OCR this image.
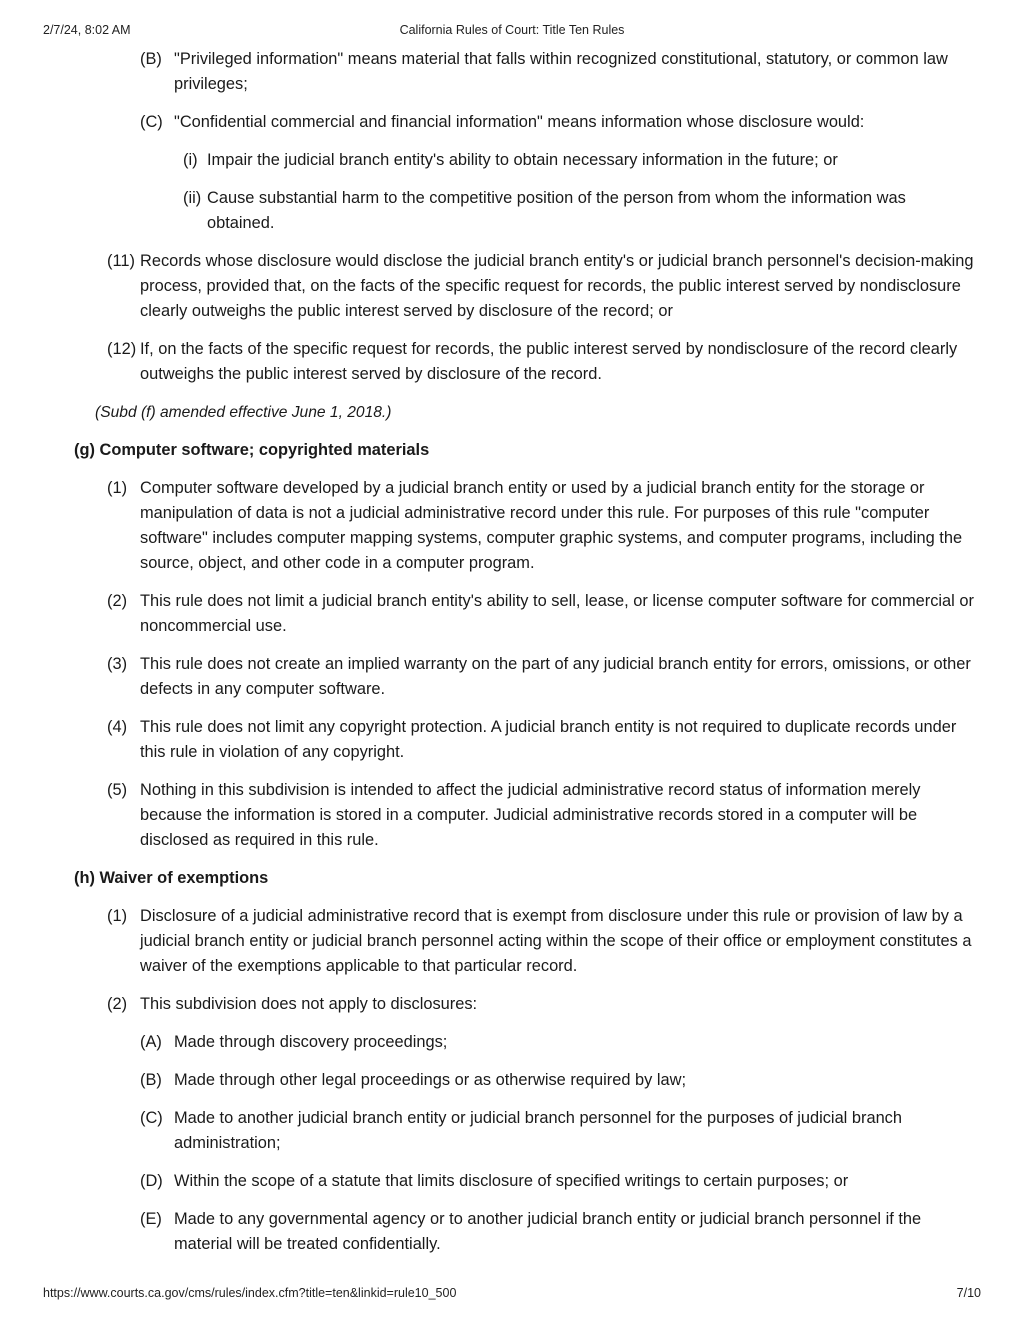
2/7/24, 8:02 AM	California Rules of Court: Title Ten Rules
(B) "Privileged information" means material that falls within recognized constitutional, statutory, or common law privileges;
(C) "Confidential commercial and financial information" means information whose disclosure would:
(i) Impair the judicial branch entity's ability to obtain necessary information in the future; or
(ii) Cause substantial harm to the competitive position of the person from whom the information was obtained.
(11) Records whose disclosure would disclose the judicial branch entity's or judicial branch personnel's decision-making process, provided that, on the facts of the specific request for records, the public interest served by nondisclosure clearly outweighs the public interest served by disclosure of the record; or
(12) If, on the facts of the specific request for records, the public interest served by nondisclosure of the record clearly outweighs the public interest served by disclosure of the record.
(Subd (f) amended effective June 1, 2018.)
(g) Computer software; copyrighted materials
(1) Computer software developed by a judicial branch entity or used by a judicial branch entity for the storage or manipulation of data is not a judicial administrative record under this rule. For purposes of this rule "computer software" includes computer mapping systems, computer graphic systems, and computer programs, including the source, object, and other code in a computer program.
(2) This rule does not limit a judicial branch entity's ability to sell, lease, or license computer software for commercial or noncommercial use.
(3) This rule does not create an implied warranty on the part of any judicial branch entity for errors, omissions, or other defects in any computer software.
(4) This rule does not limit any copyright protection. A judicial branch entity is not required to duplicate records under this rule in violation of any copyright.
(5) Nothing in this subdivision is intended to affect the judicial administrative record status of information merely because the information is stored in a computer. Judicial administrative records stored in a computer will be disclosed as required in this rule.
(h) Waiver of exemptions
(1) Disclosure of a judicial administrative record that is exempt from disclosure under this rule or provision of law by a judicial branch entity or judicial branch personnel acting within the scope of their office or employment constitutes a waiver of the exemptions applicable to that particular record.
(2) This subdivision does not apply to disclosures:
(A) Made through discovery proceedings;
(B) Made through other legal proceedings or as otherwise required by law;
(C) Made to another judicial branch entity or judicial branch personnel for the purposes of judicial branch administration;
(D) Within the scope of a statute that limits disclosure of specified writings to certain purposes; or
(E) Made to any governmental agency or to another judicial branch entity or judicial branch personnel if the material will be treated confidentially.
https://www.courts.ca.gov/cms/rules/index.cfm?title=ten&linkid=rule10_500	7/10
